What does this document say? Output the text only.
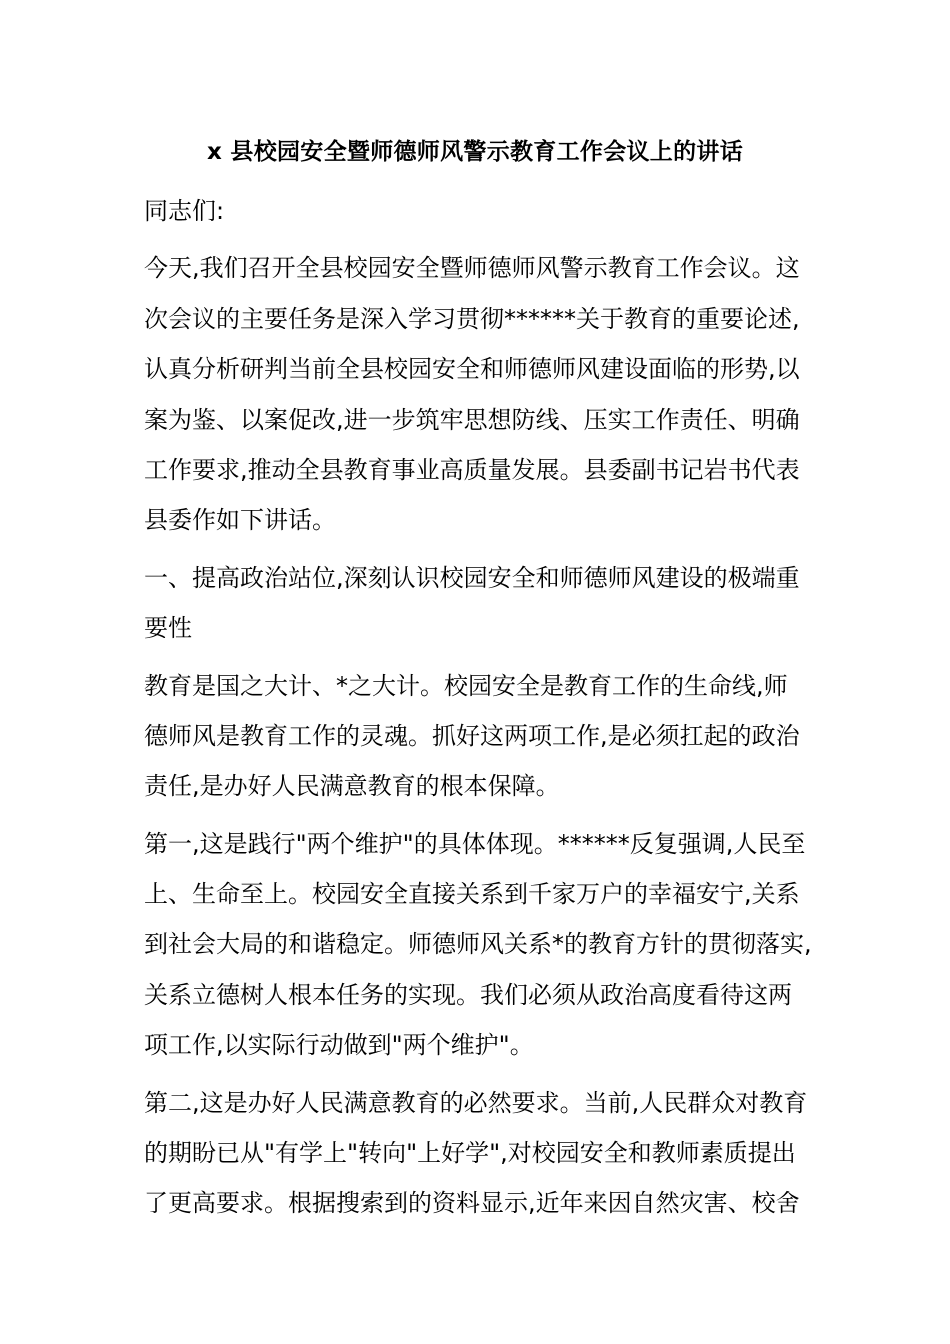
x 县校园安全暨师德师风警示教育工作会议上的讲话
同志们:
今天,我们召开全县校园安全暨师德师风警示教育工作会议。这
次会议的主要任务是深入学习贯彻******关于教育的重要论述,
认真分析研判当前全县校园安全和师德师风建设面临的形势,以
案为鉴、以案促改,进一步筑牢思想防线、压实工作责任、明确
工作要求,推动全县教育事业高质量发展。县委副书记岩书代表
县委作如下讲话。
一、提高政治站位,深刻认识校园安全和师德师风建设的极端重
要性
教育是国之大计、*之大计。校园安全是教育工作的生命线,师
德师风是教育工作的灵魂。抓好这两项工作,是必须扛起的政治
责任,是办好人民满意教育的根本保障。
第一,这是践行"两个维护"的具体体现。******反复强调,人民至
上、生命至上。校园安全直接关系到千家万户的幸福安宁,关系
到社会大局的和谐稳定。师德师风关系*的教育方针的贯彻落实,
关系立德树人根本任务的实现。我们必须从政治高度看待这两
项工作,以实际行动做到"两个维护"。
第二,这是办好人民满意教育的必然要求。当前,人民群众对教育
的期盼已从"有学上"转向"上好学",对校园安全和教师素质提出
了更高要求。根据搜索到的资料显示,近年来因自然灾害、校舍
